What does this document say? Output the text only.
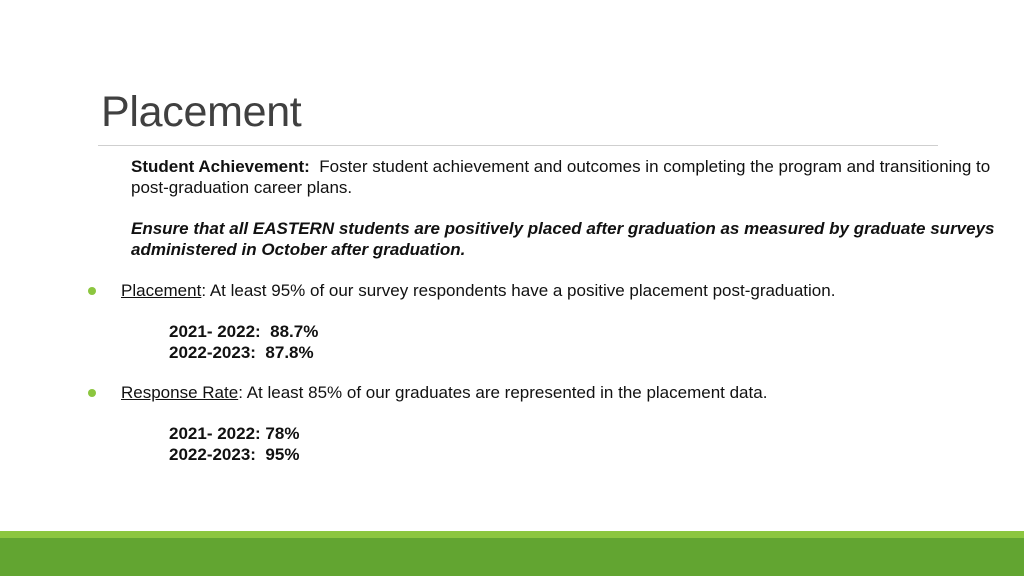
Placement

Student Achievement: Foster student achievement and outcomes in completing the program and transitioning to post-graduation career plans.

Ensure that all EASTERN students are positively placed after graduation as measured by graduate surveys administered in October after graduation.

Placement: At least 95% of our survey respondents have a positive placement post-graduation.
2021- 2022:  88.7%
2022-2023:  87.8%
Response Rate: At least 85% of our graduates are represented in the placement data.
2021- 2022: 78%
2022-2023:  95%
